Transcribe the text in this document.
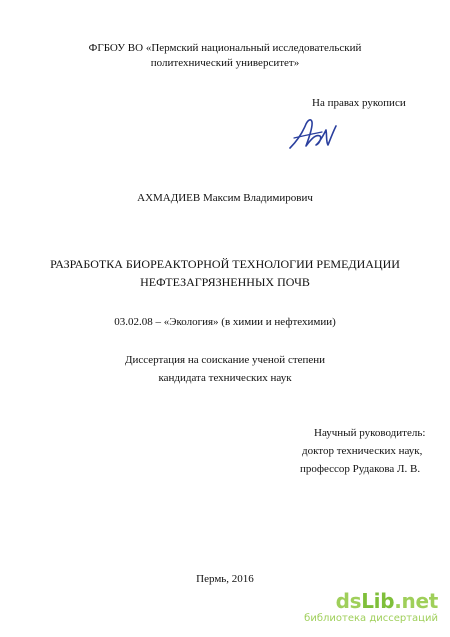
ФГБОУ ВО «Пермский национальный исследовательский
политехнический университет»
На правах рукописи
АХМАДИЕВ Максим Владимирович
РАЗРАБОТКА БИОРЕАКТОРНОЙ ТЕХНОЛОГИИ РЕМЕДИАЦИИ
НЕФТЕЗАГРЯЗНЕННЫХ ПОЧВ
03.02.08 – «Экология» (в химии и нефтехимии)
Диссертация на соискание ученой степени
кандидата технических наук
Научный руководитель:
доктор технических наук,
профессор Рудакова Л. В.
Пермь, 2016
dsLib.net
библиотека диссертаций
